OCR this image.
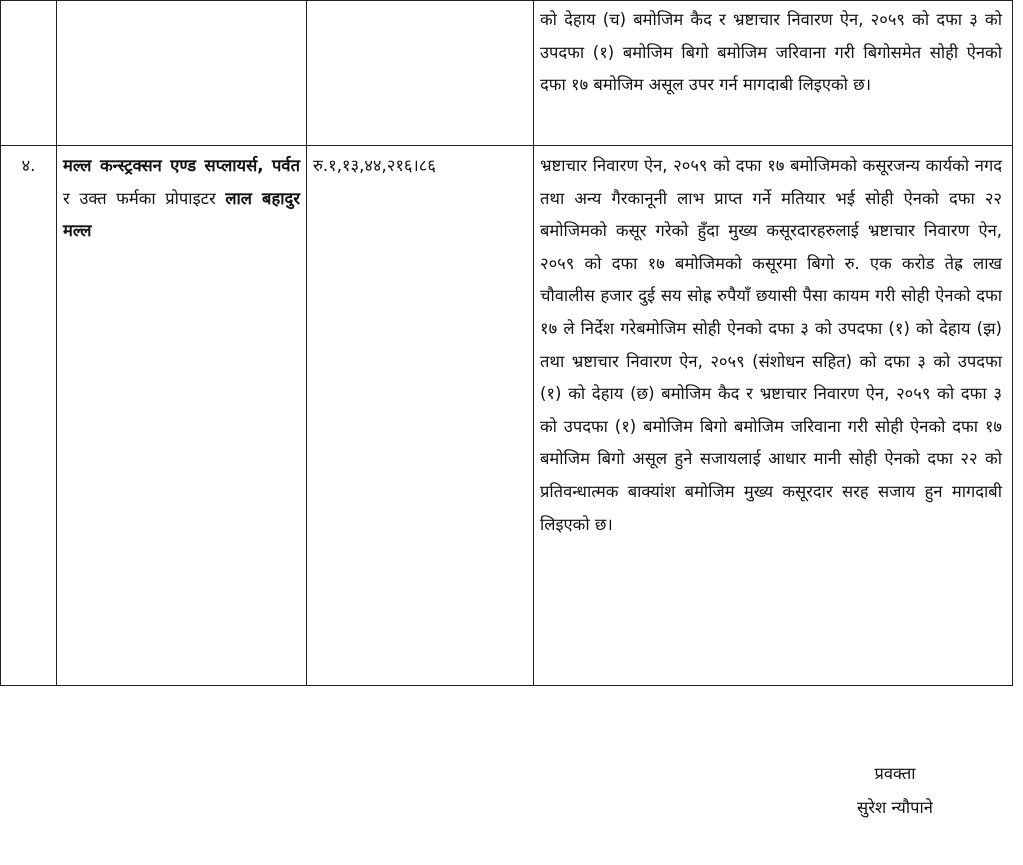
			को देहाय (च) बमोजिम कैद र भ्रष्टाचार निवारण ऐन, २०५९ को दफा ३ को उपदफा (१) बमोजिम बिगो बमोजिम जरिवाना गरी बिगोसमेत सोही ऐनको दफा १७ बमोजिम असूल उपर गर्न मागदाबी लिइएको छ।
४.	मल्ल कन्स्ट्रक्सन एण्ड सप्लायर्स, पर्वत र उक्त फर्मका प्रोपाइटर लाल बहादुर मल्ल	रु.१,१३,४४,२१६।८६	भ्रष्टाचार निवारण ऐन, २०५९ को दफा १७ बमोजिमको कसूरजन्य कार्यको नगद तथा अन्य गैरकानूनी लाभ प्राप्त गर्ने मतियार भई सोही ऐनको दफा २२ बमोजिमको कसूर गरेको हुँदा मुख्य कसूरदारहरुलाई भ्रष्टाचार निवारण ऐन, २०५९ को दफा १७ बमोजिमको कसूरमा बिगो रु. एक करोड तेह्र लाख चौवालीस हजार दुई सय सोह्र रुपैयाँ छयासी पैसा कायम गरी सोही ऐनको दफा १७ ले निर्देश गरेबमोजिम सोही ऐनको दफा ३ को उपदफा (१) को देहाय (झ) तथा भ्रष्टाचार निवारण ऐन, २०५९ (संशोधन सहित) को दफा ३ को उपदफा (१) को देहाय (छ) बमोजिम कैद र भ्रष्टाचार निवारण ऐन, २०५९ को दफा ३ को उपदफा (१) बमोजिम बिगो बमोजिम जरिवाना गरी सोही ऐनको दफा १७ बमोजिम बिगो असूल हुने सजायलाई आधार मानी सोही ऐनको दफा २२ को प्रतिवन्धात्मक बाक्यांश बमोजिम मुख्य कसूरदार सरह सजाय हुन मागदाबी लिइएको छ।
प्रवक्ता
सुरेश न्यौपाने
